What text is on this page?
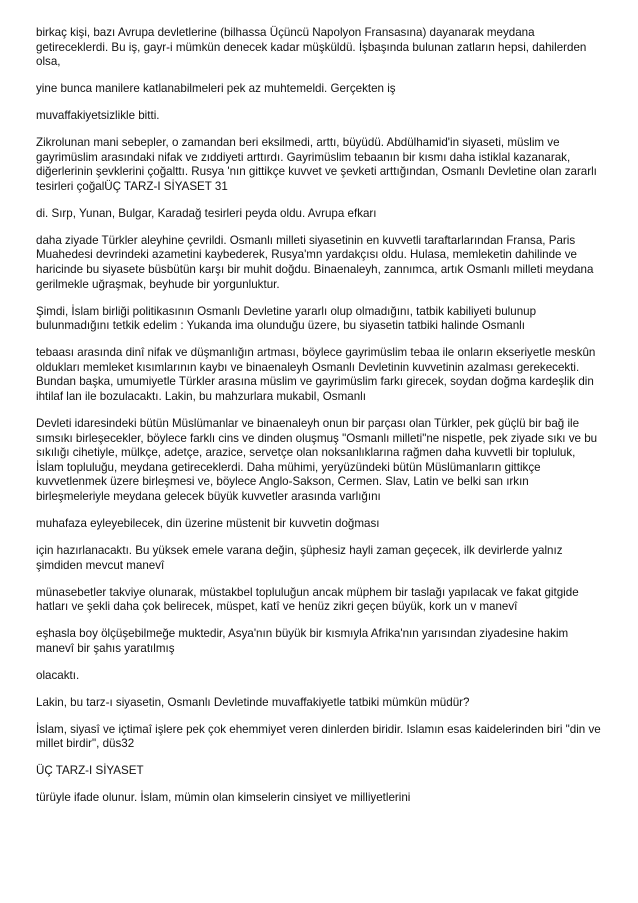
birkaç kişi, bazı Avrupa devletlerine (bilhassa Üçüncü Napolyon Fransasına) dayanarak meydana getireceklerdi. Bu iş, gayr-i mümkün denecek kadar müşküldü. İşbaşında bulunan zatların hepsi, dahilerden olsa,

yine bunca manilere katlanabilmeleri pek az muhtemeldi. Gerçekten iş

muvaffakiyetsizlikle bitti.

Zikrolunan mani sebepler, o zamandan beri eksilmedi, arttı, büyüdü. Abdülhamid'in siyaseti, müslim ve gayrimüslim arasındaki nifak ve zıddiyeti arttırdı. Gayrimüslim tebaanın bir kısmı daha istiklal kazanarak, diğerlerinin şevklerini çoğalttı. Rusya 'nın gittikçe kuvvet ve şevketi arttığından, Osmanlı Devletine olan zararlı tesirleri çoğalÜÇ TARZ-I SİYASET 31

di. Sırp, Yunan, Bulgar, Karadağ tesirleri peyda oldu. Avrupa efkarı

daha ziyade Türkler aleyhine çevrildi. Osmanlı milleti siyasetinin en kuvvetli taraftarlarından Fransa, Paris Muahedesi devrindeki azametini kaybederek, Rusya'mn yardakçısı oldu. Hulasa, memleketin dahilinde ve haricinde bu siyasete büsbütün karşı bir muhit doğdu. Binaenaleyh, zannımca, artık Osmanlı milleti meydana gerilmekle uğraşmak, beyhude bir yorgunluktur.

Şimdi, İslam birliği politikasının Osmanlı Devletine yararlı olup olmadığını, tatbik kabiliyeti bulunup bulunmadığını tetkik edelim : Yukanda ima olunduğu üzere, bu siyasetin tatbiki halinde Osmanlı

tebaası arasında dinî nifak ve düşmanlığın artması, böylece gayrimüslim tebaa ile onların ekseriyetle meskûn oldukları memleket kısımlarının kaybı ve binaenaleyh Osmanlı Devletinin kuvvetinin azalması gerekecekti. Bundan başka, umumiyetle Türkler arasına müslim ve gayrimüslim farkı girecek, soydan doğma kardeşlik din ihtilaf lan ile bozulacaktı. Lakin, bu mahzurlara mukabil, Osmanlı

Devleti idaresindeki bütün Müslümanlar ve binaenaleyh onun bir parçası olan Türkler, pek güçlü bir bağ ile sımsıkı birleşecekler, böylece farklı cins ve dinden oluşmuş "Osmanlı milleti"ne nispetle, pek ziyade sıkı ve bu sıkılığı cihetiyle, mülkçe, adetçe, arazice, servetçe olan noksanlıklarına rağmen daha kuvvetli bir topluluk, İslam topluluğu, meydana getireceklerdi. Daha mühimi, yeryüzündeki bütün Müslümanların gittikçe kuvvetlenmek üzere birleşmesi ve, böylece Anglo-Sakson, Cermen. Slav, Latin ve belki san ırkın birleşmeleriyle meydana gelecek büyük kuvvetler arasında varlığını

muhafaza eyleyebilecek, din üzerine müstenit bir kuvvetin doğması

için hazırlanacaktı. Bu yüksek emele varana değin, şüphesiz hayli zaman geçecek, ilk devirlerde yalnız şimdiden mevcut manevî

münasebetler takviye olunarak, müstakbel topluluğun ancak müphem bir taslağı yapılacak ve fakat gitgide hatları ve şekli daha çok belirecek, müspet, katî ve henüz zikri geçen büyük, kork un v manevî

eşhasla boy ölçüşebilmeğe muktedir, Asya'nın büyük bir kısmıyla Afrika'nın yarısından ziyadesine hakim manevî bir şahıs yaratılmış

olacaktı.

Lakin, bu tarz-ı siyasetin, Osmanlı Devletinde muvaffakiyetle tatbiki mümkün müdür?

İslam, siyasî ve içtimaî işlere pek çok ehemmiyet veren dinlerden biridir. Islamın esas kaidelerinden biri "din ve millet birdir", düs32

ÜÇ TARZ-I SİYASET

türüyle ifade olunur. İslam, mümin olan kimselerin cinsiyet ve milliyetlerini
